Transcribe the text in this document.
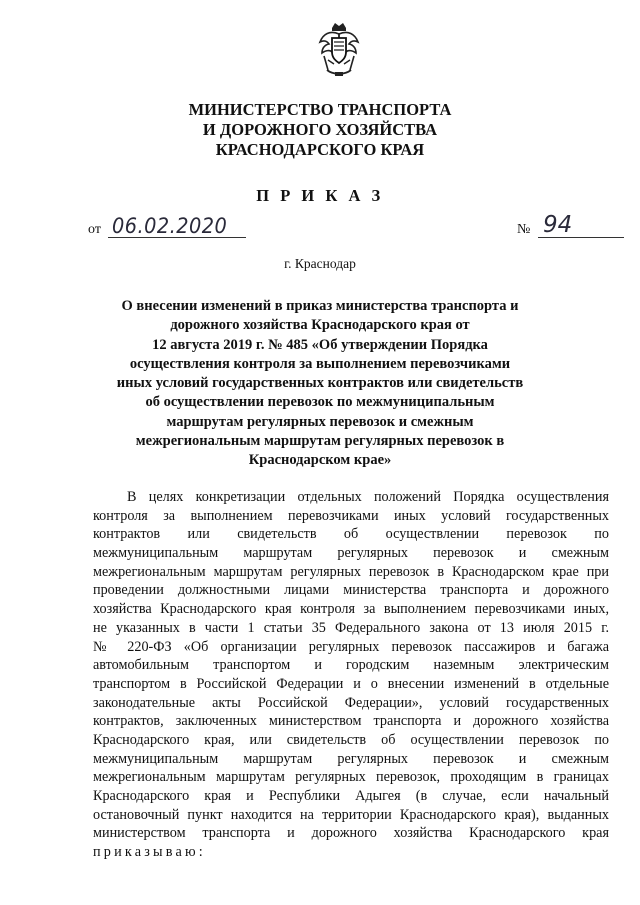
МИНИСТЕРСТВО ТРАНСПОРТА
И ДОРОЖНОГО ХОЗЯЙСТВА
КРАСНОДАРСКОГО КРАЯ
П Р И К А З
от 06.02.2020	№ 94
г. Краснодар
О внесении изменений в приказ министерства транспорта и
дорожного хозяйства Краснодарского края от
12 августа 2019 г. № 485 «Об утверждении Порядка
осуществления контроля за выполнением перевозчиками
иных условий государственных контрактов или свидетельств
об осуществлении перевозок по межмуниципальным
маршрутам регулярных перевозок и смежным
межрегиональным маршрутам регулярных перевозок в
Краснодарском крае»
В целях конкретизации отдельных положений Порядка осуществления
контроля за выполнением перевозчиками иных условий государственных
контрактов или свидетельств об осуществлении перевозок по
межмуниципальным маршрутам регулярных перевозок и смежным
межрегиональным маршрутам регулярных перевозок в Краснодарском крае при
проведении должностными лицами министерства транспорта и дорожного
хозяйства Краснодарского края контроля за выполнением перевозчиками иных,
не указанных в части 1 статьи 35 Федерального закона от 13 июля 2015 г.
№ 220-ФЗ «Об организации регулярных перевозок пассажиров и багажа
автомобильным транспортом и городским наземным электрическим
транспортом в Российской Федерации и о внесении изменений в отдельные
законодательные акты Российской Федерации», условий государственных
контрактов, заключенных министерством транспорта и дорожного хозяйства
Краснодарского края, или свидетельств об осуществлении перевозок по
межмуниципальным маршрутам регулярных перевозок и смежным
межрегиональным маршрутам регулярных перевозок, проходящим в границах
Краснодарского края и Республики Адыгея (в случае, если начальный
остановочный пункт находится на территории Краснодарского края), выданных
министерством транспорта и дорожного хозяйства Краснодарского края
приказываю:
